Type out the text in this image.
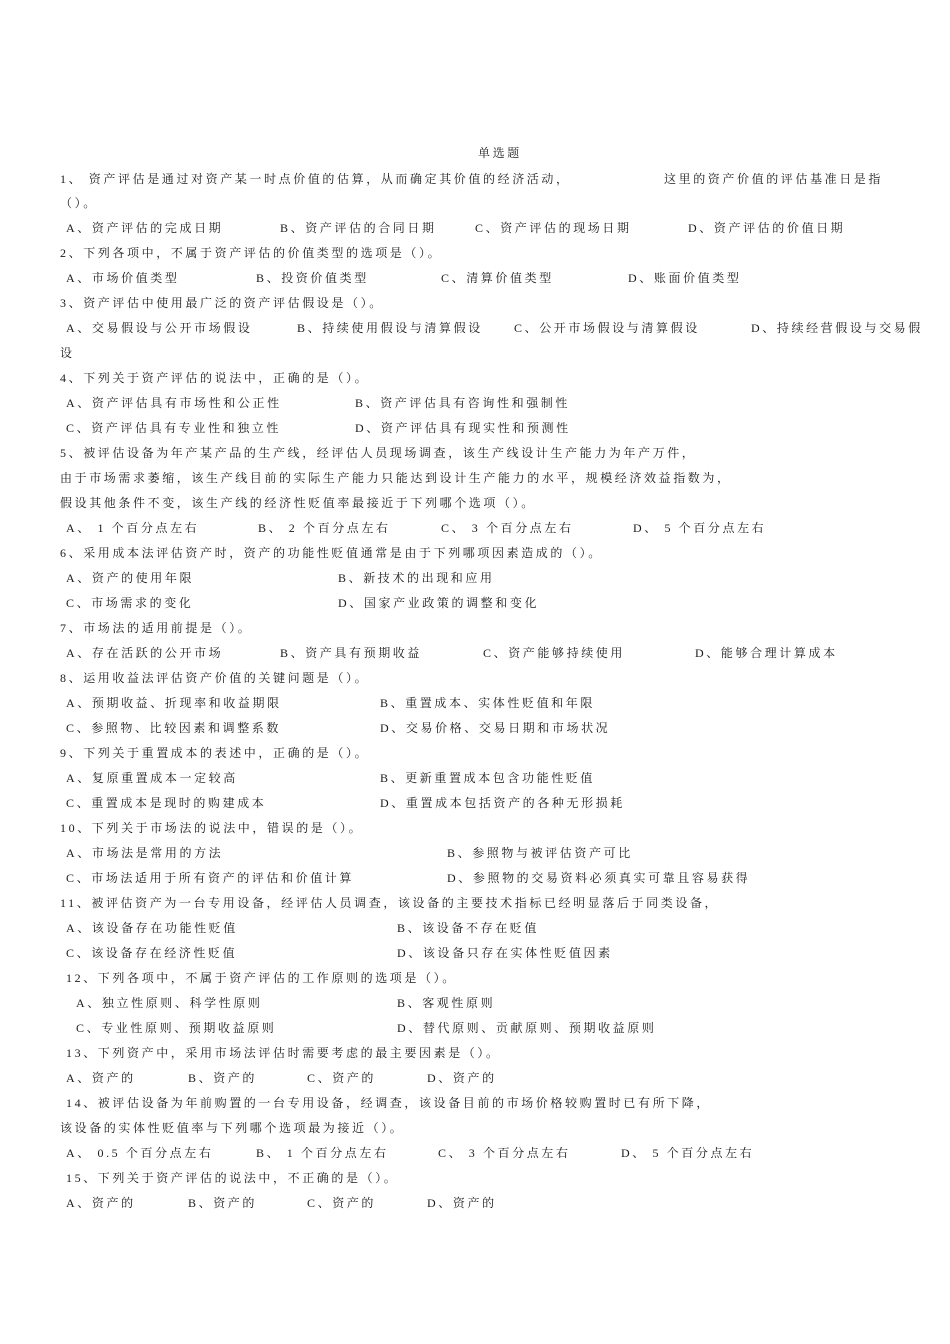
单选题
1、 资产评估是通过对资产某一时点价值的估算，从而确定其价值的经济活动，	这里的资产价值的评估基准日是指
（）。
A、资产评估的完成日期	B、资产评估的合同日期	C、资产评估的现场日期	D、资产评估的价值日期
2、下列各项中，不属于资产评估的价值类型的选项是（）。
A、市场价值类型	B、投资价值类型	C、清算价值类型	D、账面价值类型
3、资产评估中使用最广泛的资产评估假设是（）。
A、交易假设与公开市场假设	B、持续使用假设与清算假设	C、公开市场假设与清算假设	D、持续经营假设与交易假
设
4、下列关于资产评估的说法中，正确的是（）。
A、资产评估具有市场性和公正性	B、资产评估具有咨询性和强制性
C、资产评估具有专业性和独立性	D、资产评估具有现实性和预测性
5、被评估设备为年产某产品的生产线，经评估人员现场调查，该生产线设计生产能力为年产万件，
由于市场需求萎缩，该生产线目前的实际生产能力只能达到设计生产能力的水平，规模经济效益指数为，
假设其他条件不变，该生产线的经济性贬值率最接近于下列哪个选项（）。
A、 1 个百分点左右	B、 2 个百分点左右	C、 3 个百分点左右	D、 5 个百分点左右
6、采用成本法评估资产时，资产的功能性贬值通常是由于下列哪项因素造成的（）。
A、资产的使用年限	B、新技术的出现和应用
C、市场需求的变化	D、国家产业政策的调整和变化
7、市场法的适用前提是（）。
A、存在活跃的公开市场	B、资产具有预期收益	C、资产能够持续使用	D、能够合理计算成本
8、运用收益法评估资产价值的关键问题是（）。
A、预期收益、折现率和收益期限	B、重置成本、实体性贬值和年限
C、参照物、比较因素和调整系数	D、交易价格、交易日期和市场状况
9、下列关于重置成本的表述中，正确的是（）。
A、复原重置成本一定较高	B、更新重置成本包含功能性贬值
C、重置成本是现时的购建成本	D、重置成本包括资产的各种无形损耗
10、下列关于市场法的说法中，错误的是（）。
A、市场法是常用的方法	B、参照物与被评估资产可比
C、市场法适用于所有资产的评估和价值计算	D、参照物的交易资料必须真实可靠且容易获得
11、被评估资产为一台专用设备，经评估人员调查，该设备的主要技术指标已经明显落后于同类设备，
A、该设备存在功能性贬值	B、该设备不存在贬值
C、该设备存在经济性贬值	D、该设备只存在实体性贬值因素
12、下列各项中，不属于资产评估的工作原则的选项是（）。
A、独立性原则、科学性原则	B、客观性原则
C、专业性原则、预期收益原则	D、替代原则、贡献原则、预期收益原则
13、下列资产中，采用市场法评估时需要考虑的最主要因素是（）。
A、资产的	B、资产的	C、资产的	D、资产的
14、被评估设备为年前购置的一台专用设备，经调查，该设备目前的市场价格较购置时已有所下降，
该设备的实体性贬值率与下列哪个选项最为接近（）。
A、 0.5 个百分点左右	B、 1 个百分点左右	C、 3 个百分点左右	D、 5 个百分点左右
15、下列关于资产评估的说法中，不正确的是（）。
A、资产的	B、资产的	C、资产的	D、资产的
